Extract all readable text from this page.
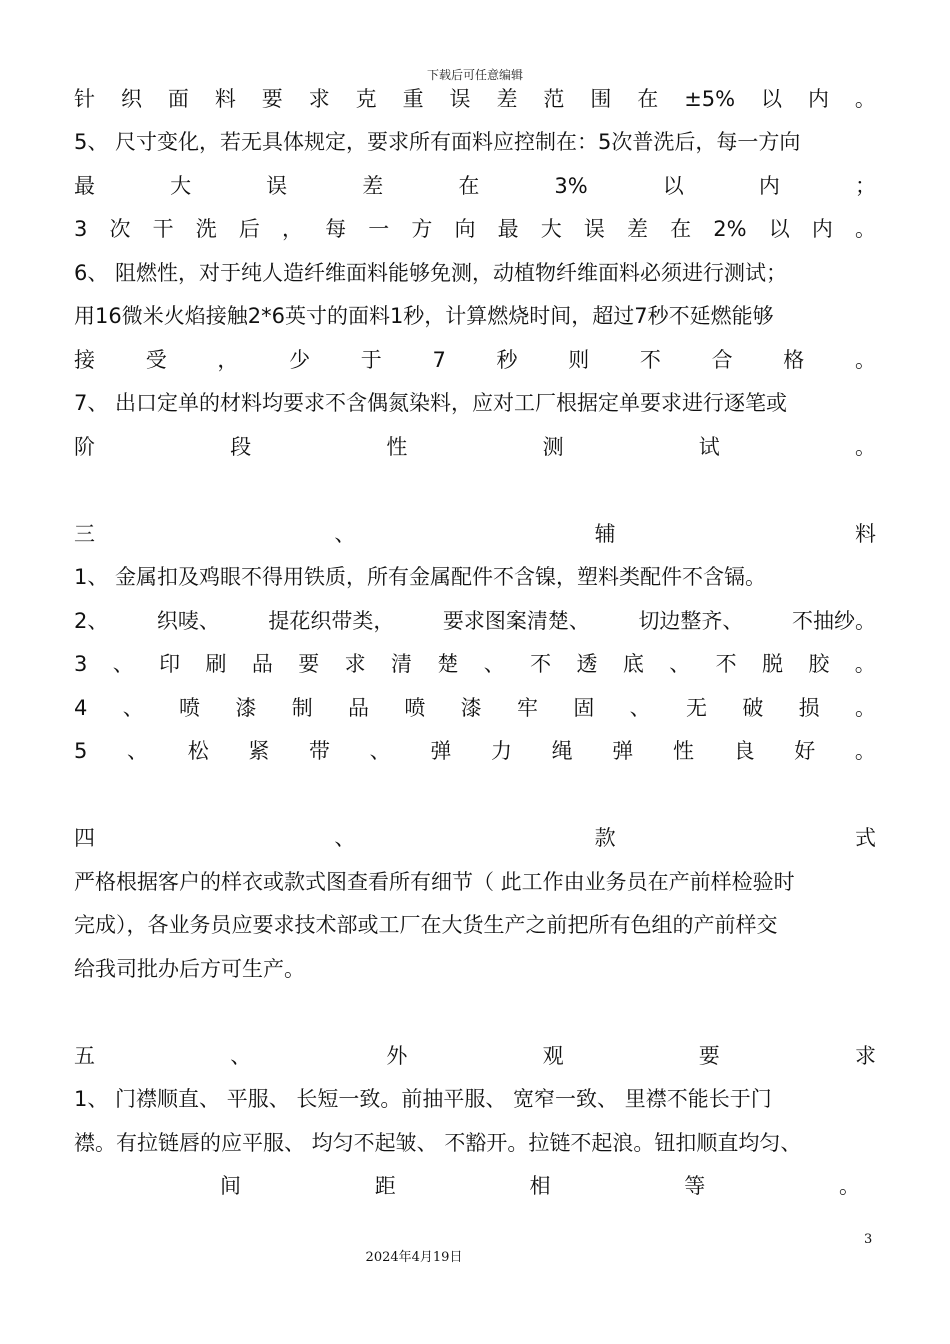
下载后可任意编辑
针 织 面 料 要 求 克 重 误 差 范 围 在 ±5% 以 内 。
5、 尺寸变化，若无具体规定，要求所有面料应控制在：5次普洗后，每一方向
最	大	误	差	在	3%	以	内	；
3 次 干 洗 后 ， 每 一 方 向 最 大 误 差 在 2% 以 内 。
6、 阻燃性，对于纯人造纤维面料能够免测，动植物纤维面料必须进行测试；
用16微米火焰接触2*6英寸的面料1秒，计算燃烧时间，超过7秒不延燃能够
接 受 ， 少 于 7 秒 则 不 合 格 。
7、 出口定单的材料均要求不含偶氮染料，应对工厂根据定单要求进行逐笔或
阶	段	性	测	试	。
三	、	辅	料
1、 金属扣及鸡眼不得用铁质，所有金属配件不含镍，塑料类配件不含镉。
2、 织唛、 提花织带类， 要求图案清楚、 切边整齐、 不抽纱。
3 、 印 刷 品 要 求 清 楚 、 不 透 底 、 不 脱 胶 。
4 、 喷 漆 制 品 喷 漆 牢 固 、 无 破 损 。
5 、 松 紧 带 、 弹 力 绳 弹 性 良 好 。
四	、	款	式
严格根据客户的样衣或款式图查看所有细节（ 此工作由业务员在产前样检验时
完成），各业务员应要求技术部或工厂在大货生产之前把所有色组的产前样交
给我司批办后方可生产。
五	、	外	观	要	求
1、 门襟顺直、 平服、 长短一致。前抽平服、 宽窄一致、 里襟不能长于门
襟。有拉链唇的应平服、 均匀不起皱、 不豁开。拉链不起浪。钮扣顺直均匀、
间	距	相	等	。
3
2024年4月19日
